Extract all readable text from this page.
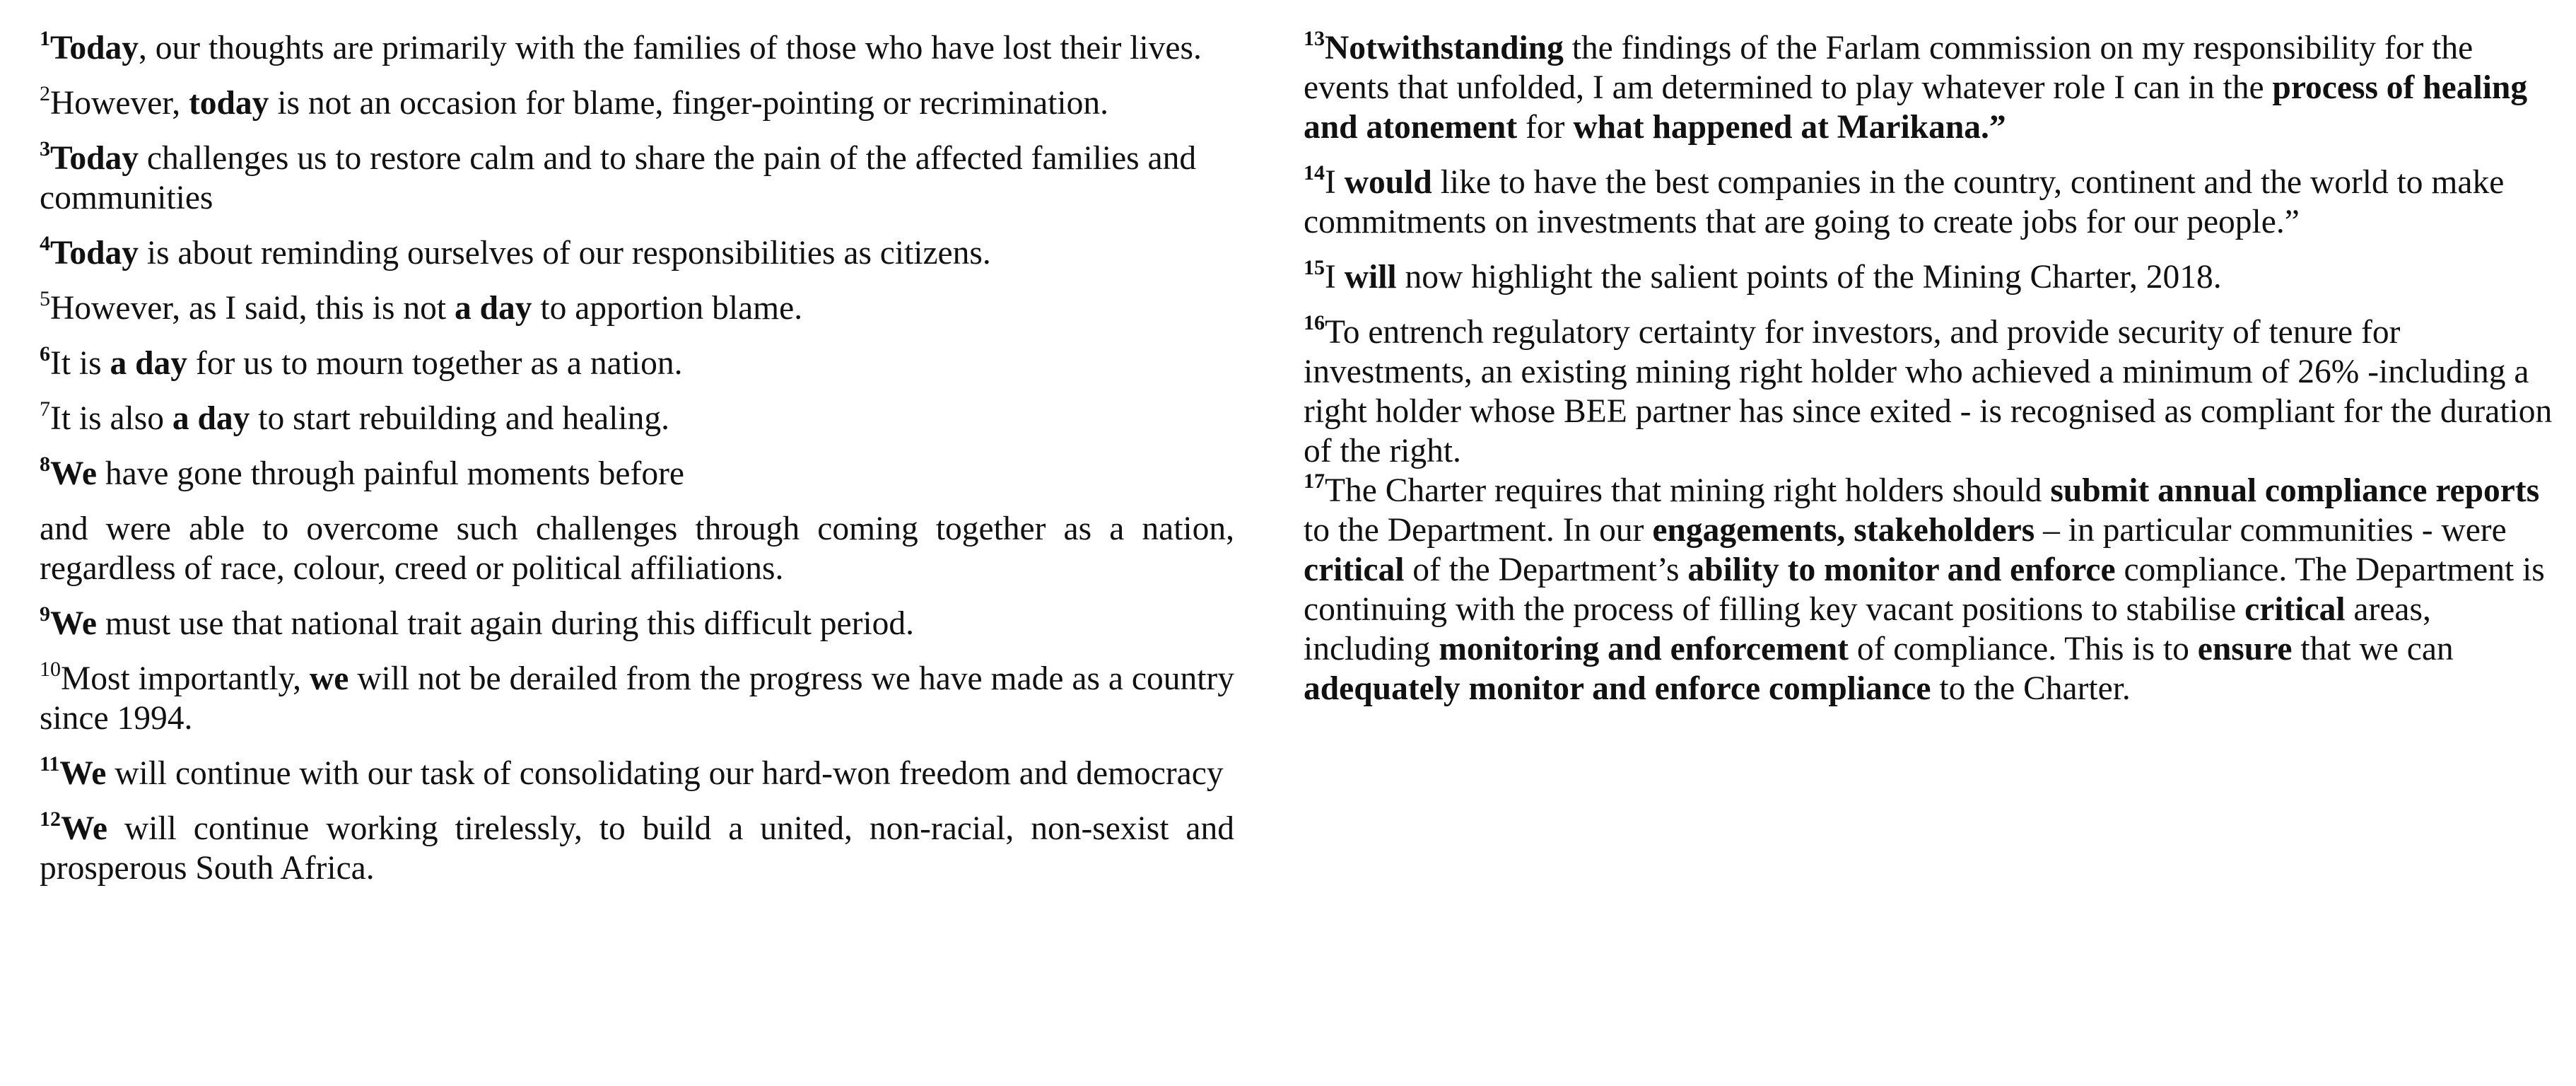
$^1$Today, our thoughts are primarily with the families of those who have lost their lives.

$^2$However, today is not an occasion for blame, finger-pointing or recrimination.

$^3$Today challenges us to restore calm and to share the pain of the affected families and communities

$^4$Today is about reminding ourselves of our responsibilities as citizens.

$^5$However, as I said, this is not a day to apportion blame.

$^6$It is a day for us to mourn together as a nation.

$^7$It is also a day to start rebuilding and healing.

$^8$We have gone through painful moments before

and were able to overcome such challenges through coming together as a nation, regardless of race, colour, creed or political affiliations.

$^9$We must use that national trait again during this difficult period.

$^{10}$Most importantly, we will not be derailed from the progress we have made as a country since 1994.

$^{11}$We will continue with our task of consolidating our hard-won freedom and democracy

$^{12}$We will continue working tirelessly, to build a united, non-racial, non-sexist and prosperous South Africa.

$^{13}$Notwithstanding the findings of the Farlam commission on my responsibility for the events that unfolded, I am determined to play whatever role I can in the process of healing and atonement for what happened at Marikana.”

$^{14}$I would like to have the best companies in the country, continent and the world to make commitments on investments that are going to create jobs for our people.”

$^{15}$I will now highlight the salient points of the Mining Charter, 2018.

$^{16}$To entrench regulatory certainty for investors, and provide security of tenure for investments, an existing mining right holder who achieved a minimum of 26% -including a right holder whose BEE partner has since exited - is recognised as compliant for the duration of the right.

$^{17}$The Charter requires that mining right holders should submit annual compliance reports to the Department. In our engagements, stakeholders – in particular communities - were critical of the Department’s ability to monitor and enforce compliance. The Department is continuing with the process of filling key vacant positions to stabilise critical areas, including monitoring and enforcement of compliance. This is to ensure that we can adequately monitor and enforce compliance to the Charter.
